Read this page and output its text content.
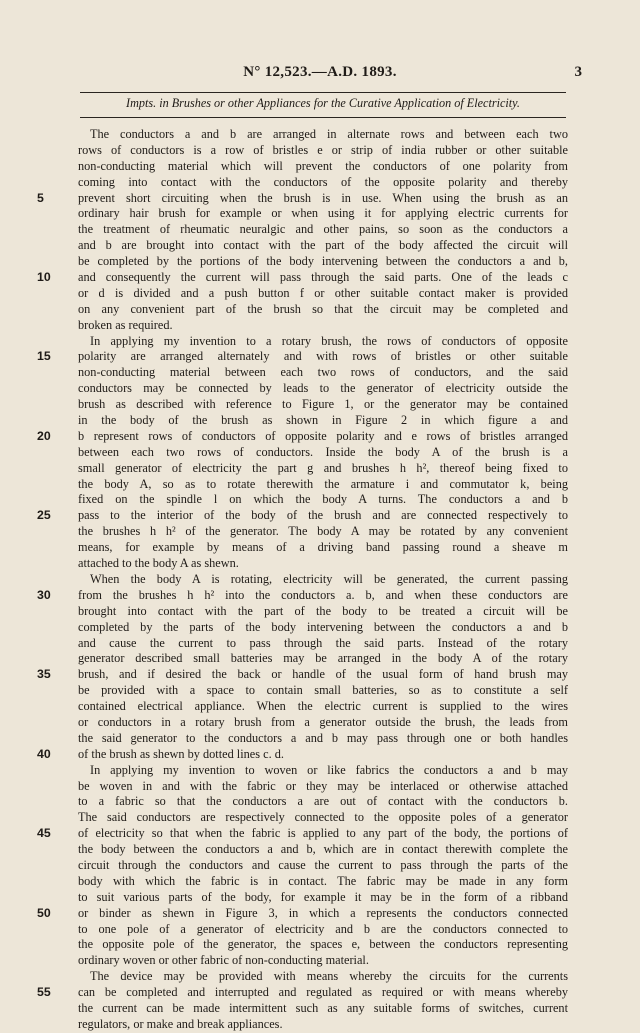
N° 12,523.—A.D. 1893.	3
Impts. in Brushes or other Appliances for the Curative Application of Electricity.
The conductors a and b are arranged in alternate rows and between each two
rows of conductors is a row of bristles e or strip of india rubber or other suitable
non-conducting material which will prevent the conductors of one polarity from
coming into contact with the conductors of the opposite polarity and thereby
5	prevent short circuiting when the brush is in use. When using the brush as an
ordinary hair brush for example or when using it for applying electric currents for
the treatment of rheumatic neuralgic and other pains, so soon as the conductors a
and b are brought into contact with the part of the body affected the circuit will
be completed by the portions of the body intervening between the conductors a and b,
10	and consequently the current will pass through the said parts. One of the leads c
or d is divided and a push button f or other suitable contact maker is provided
on any convenient part of the brush so that the circuit may be completed and
broken as required.
In applying my invention to a rotary brush, the rows of conductors of opposite
15	polarity are arranged alternately and with rows of bristles or other suitable
non-conducting material between each two rows of conductors, and the said
conductors may be connected by leads to the generator of electricity outside the
brush as described with reference to Figure 1, or the generator may be contained
in the body of the brush as shown in Figure 2 in which figure a and
20	b represent rows of conductors of opposite polarity and e rows of bristles arranged
between each two rows of conductors. Inside the body A of the brush is a
small generator of electricity the part g and brushes h h², thereof being fixed to
the body A, so as to rotate therewith the armature i and commutator k, being
fixed on the spindle l on which the body A turns. The conductors a and b
25	pass to the interior of the body of the brush and are connected respectively to
the brushes h h² of the generator. The body A may be rotated by any convenient
means, for example by means of a driving band passing round a sheave m
attached to the body A as shewn.
When the body A is rotating, electricity will be generated, the current passing
30	from the brushes h h² into the conductors a. b, and when these conductors are
brought into contact with the part of the body to be treated a circuit will be
completed by the parts of the body intervening between the conductors a and b
and cause the current to pass through the said parts. Instead of the rotary
generator described small batteries may be arranged in the body A of the rotary
35	brush, and if desired the back or handle of the usual form of hand brush may
be provided with a space to contain small batteries, so as to constitute a self
contained electrical appliance. When the electric current is supplied to the wires
or conductors in a rotary brush from a generator outside the brush, the leads from
the said generator to the conductors a and b may pass through one or both handles
40	of the brush as shewn by dotted lines c. d.
In applying my invention to woven or like fabrics the conductors a and b may
be woven in and with the fabric or they may be interlaced or otherwise attached
to a fabric so that the conductors a are out of contact with the conductors b.
The said conductors are respectively connected to the opposite poles of a generator
45	of electricity so that when the fabric is applied to any part of the body, the portions of
the body between the conductors a and b, which are in contact therewith complete the
circuit through the conductors and cause the current to pass through the parts of the
body with which the fabric is in contact. The fabric may be made in any form
to suit various parts of the body, for example it may be in the form of a ribband
50	or binder as shewn in Figure 3, in which a represents the conductors connected
to one pole of a generator of electricity and b are the conductors connected to
the opposite pole of the generator, the spaces e, between the conductors representing
ordinary woven or other fabric of non-conducting material.
The device may be provided with means whereby the circuits for the currents
55	can be completed and interrupted and regulated as required or with means whereby
the current can be made intermittent such as any suitable forms of switches, current
regulators, or make and break appliances.
